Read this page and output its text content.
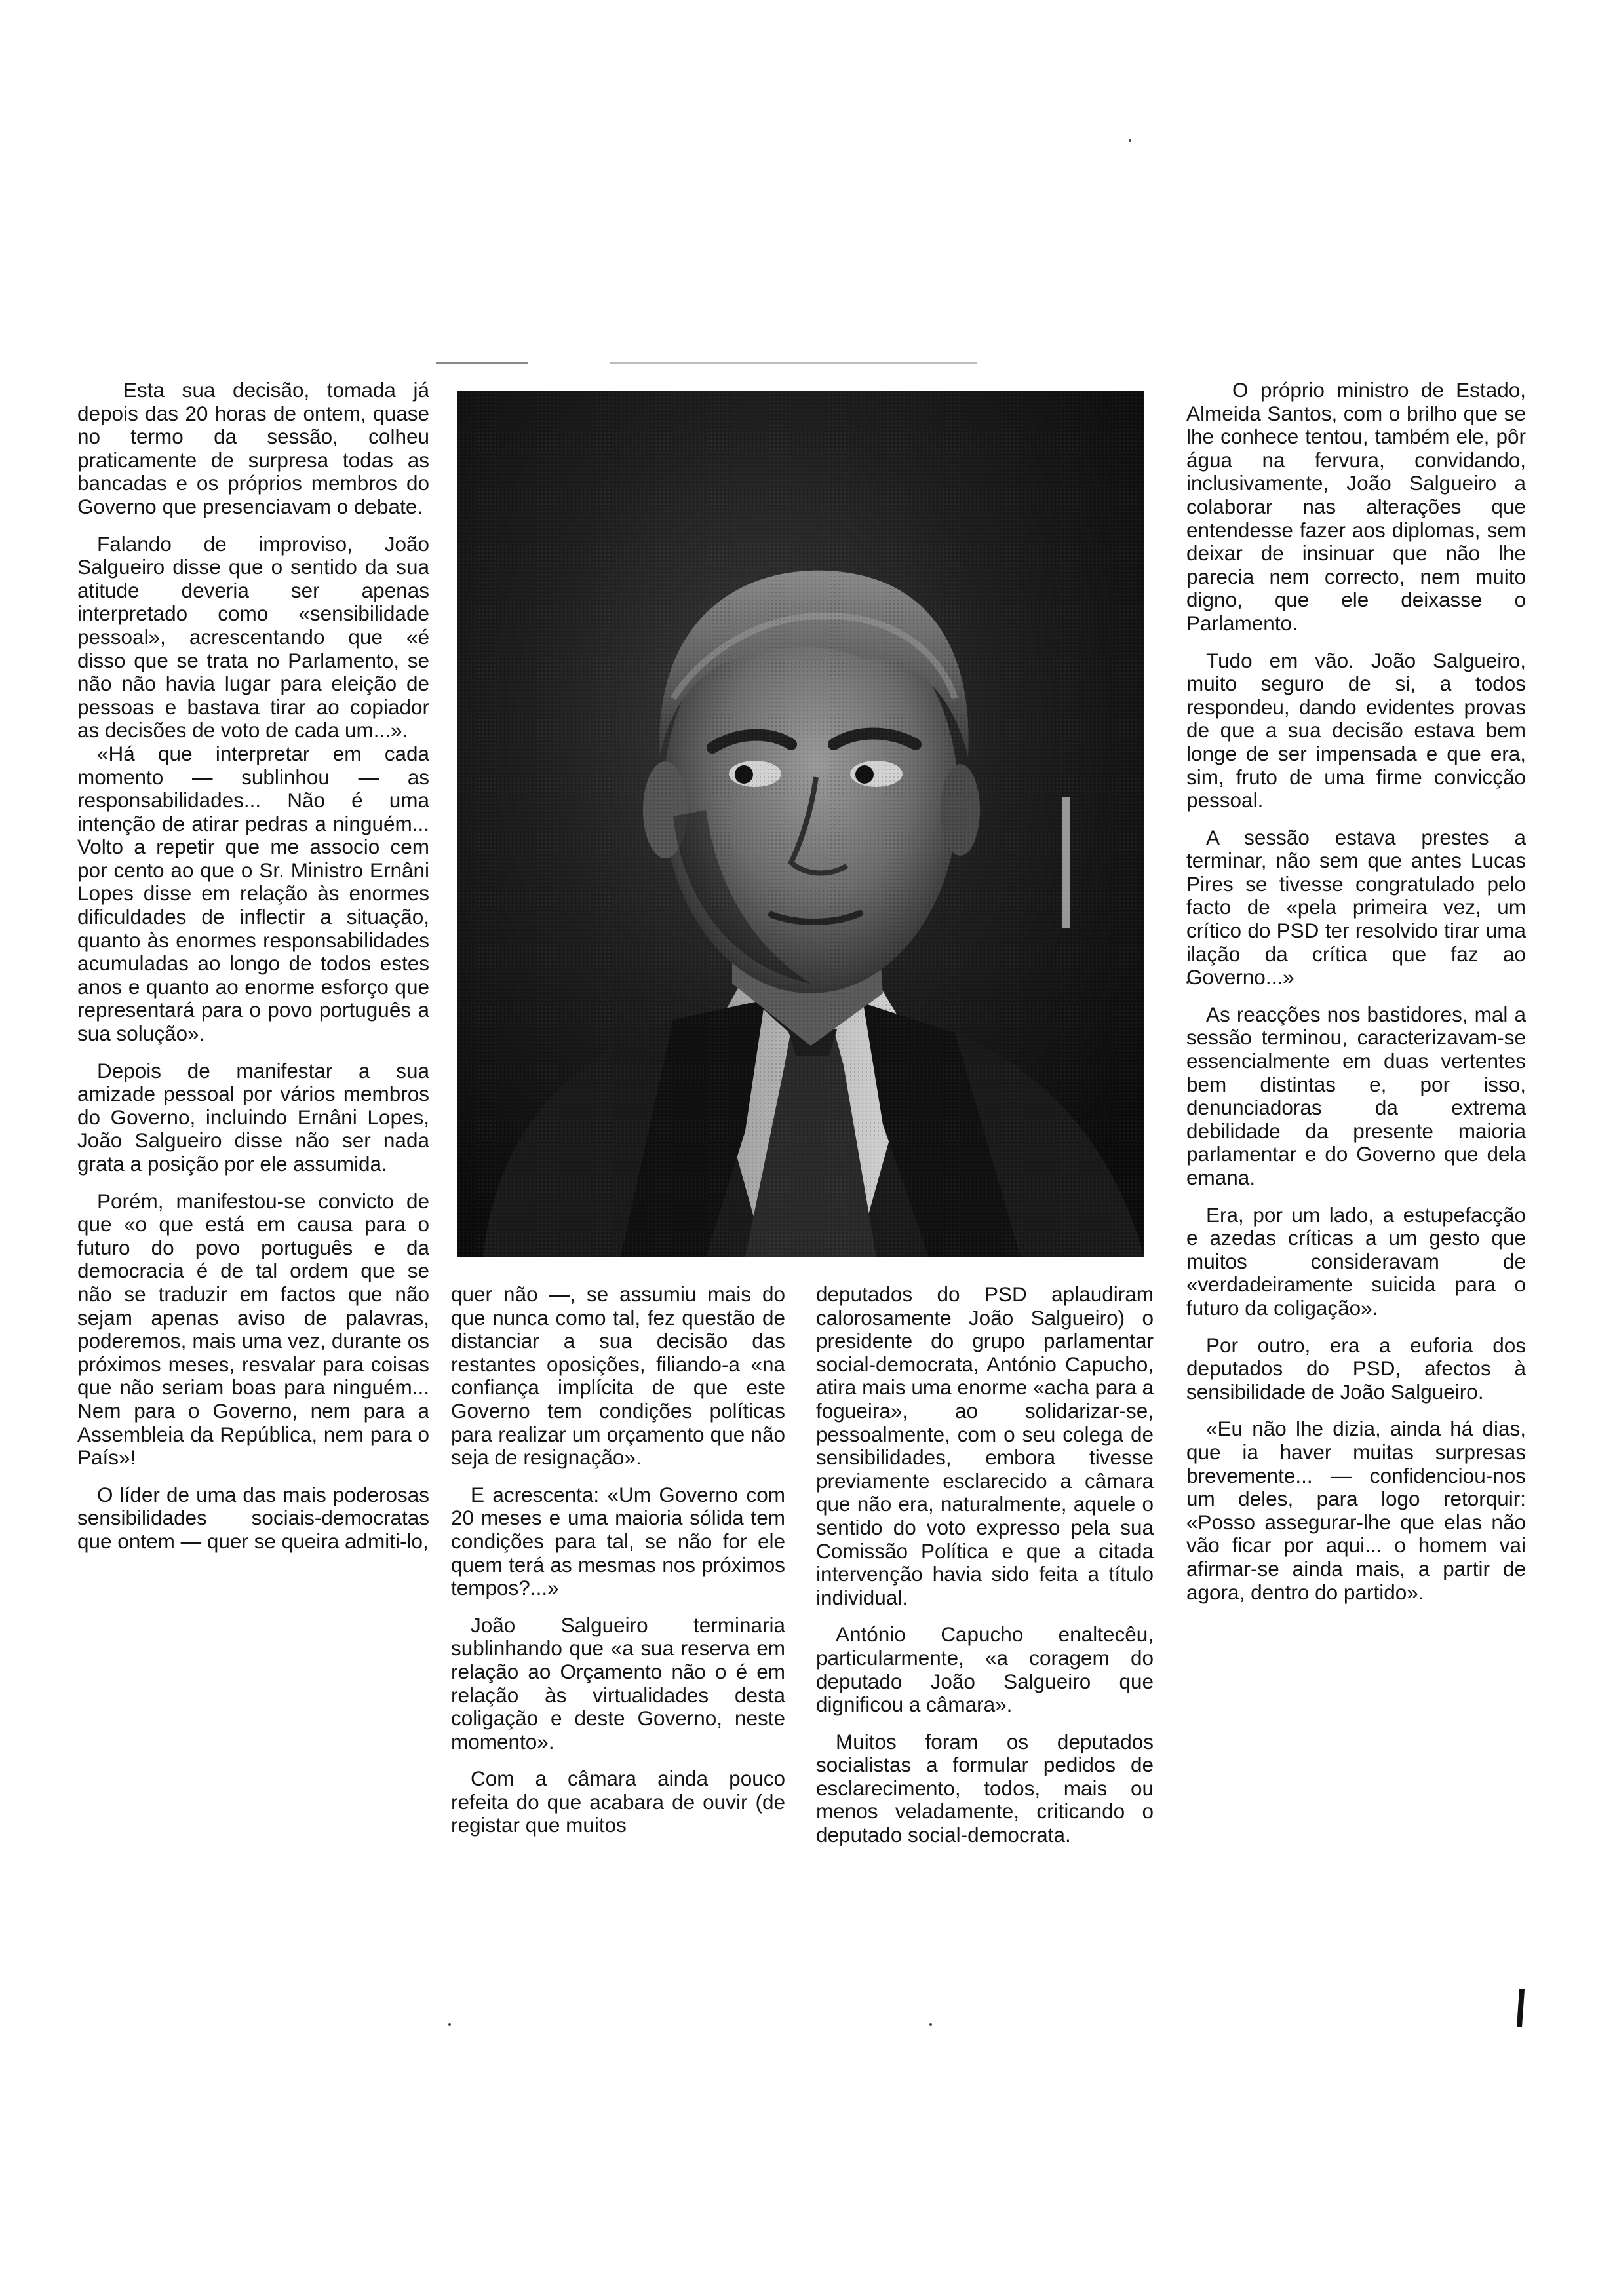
Esta sua decisão, tomada já depois das 20 horas de ontem, quase no termo da sessão, colheu praticamente de surpresa todas as bancadas e os próprios membros do Governo que presenciavam o debate.

Falando de improviso, João Salgueiro disse que o sentido da sua atitude deveria ser apenas interpretado como «sensibilidade pessoal», acrescentando que «é disso que se trata no Parlamento, se não não havia lugar para eleição de pessoas e bastava tirar ao copiador as decisões de voto de cada um...».

«Há que interpretar em cada momento — sublinhou — as responsabilidades... Não é uma intenção de atirar pedras a ninguém... Volto a repetir que me associo cem por cento ao que o Sr. Ministro Ernâni Lopes disse em relação às enormes dificuldades de inflectir a situação, quanto às enormes responsabilidades acumuladas ao longo de todos estes anos e quanto ao enorme esforço que representará para o povo português a sua solução».

Depois de manifestar a sua amizade pessoal por vários membros do Governo, incluindo Ernâni Lopes, João Salgueiro disse não ser nada grata a posição por ele assumida.

Porém, manifestou-se convicto de que «o que está em causa para o futuro do povo português e da democracia é de tal ordem que se não se traduzir em factos que não sejam apenas aviso de palavras, poderemos, mais uma vez, durante os próximos meses, resvalar para coisas que não seriam boas para ninguém... Nem para o Governo, nem para a Assembleia da República, nem para o País»!

O líder de uma das mais poderosas sensibilidades sociais-democratas que ontem — quer se queira admiti-lo,

quer não —, se assumiu mais do que nunca como tal, fez questão de distanciar a sua decisão das restantes oposições, filiando-a «na confiança implícita de que este Governo tem condições políticas para realizar um orçamento que não seja de resignação».

E acrescenta: «Um Governo com 20 meses e uma maioria sólida tem condições para tal, se não for ele quem terá as mesmas nos próximos tempos?...»

João Salgueiro terminaria sublinhando que «a sua reserva em relação ao Orçamento não o é em relação às virtualidades desta coligação e deste Governo, neste momento».

Com a câmara ainda pouco refeita do que acabara de ouvir (de registar que muitos

deputados do PSD aplaudiram calorosamente João Salgueiro) o presidente do grupo parlamentar social-democrata, António Capucho, atira mais uma enorme «acha para a fogueira», ao solidarizar-se, pessoalmente, com o seu colega de sensibilidades, embora tivesse previamente esclarecido a câmara que não era, naturalmente, aquele o sentido do voto expresso pela sua Comissão Política e que a citada intervenção havia sido feita a título individual.

António Capucho enaltecêu, particularmente, «a coragem do deputado João Salgueiro que dignificou a câmara».

Muitos foram os deputados socialistas a formular pedidos de esclarecimento, todos, mais ou menos veladamente, criticando o deputado social-democrata.

O próprio ministro de Estado, Almeida Santos, com o brilho que se lhe conhece tentou, também ele, pôr água na fervura, convidando, inclusivamente, João Salgueiro a colaborar nas alterações que entendesse fazer aos diplomas, sem deixar de insinuar que não lhe parecia nem correcto, nem muito digno, que ele deixasse o Parlamento.

Tudo em vão. João Salgueiro, muito seguro de si, a todos respondeu, dando evidentes provas de que a sua decisão estava bem longe de ser impensada e que era, sim, fruto de uma firme convicção pessoal.

A sessão estava prestes a terminar, não sem que antes Lucas Pires se tivesse congratulado pelo facto de «pela primeira vez, um crítico do PSD ter resolvido tirar uma ilação da crítica que faz ao Governo...»

As reacções nos bastidores, mal a sessão terminou, caracterizavam-se essencialmente em duas vertentes bem distintas e, por isso, denunciadoras da extrema debilidade da presente maioria parlamentar e do Governo que dela emana.

Era, por um lado, a estupefacção e azedas críticas a um gesto que muitos consideravam de «verdadeiramente suicida para o futuro da coligação».

Por outro, era a euforia dos deputados do PSD, afectos à sensibilidade de João Salgueiro.

«Eu não lhe dizia, ainda há dias, que ia haver muitas surpresas brevemente... — confidenciou-nos um deles, para logo retorquir: «Posso assegurar-lhe que elas não vão ficar por aqui... o homem vai afirmar-se ainda mais, a partir de agora, dentro do partido».
